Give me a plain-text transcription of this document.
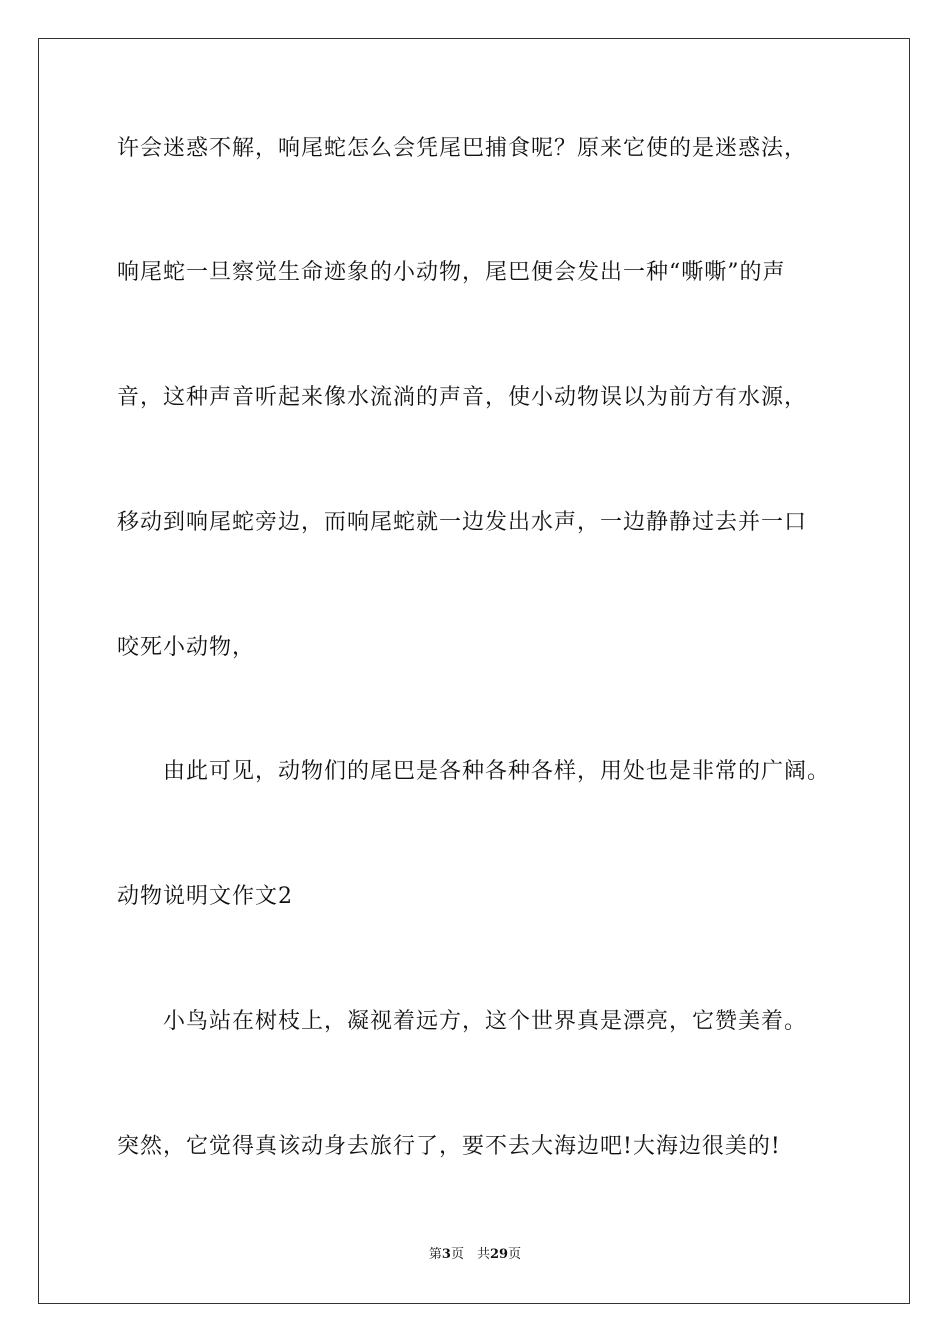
许会迷惑不解，响尾蛇怎么会凭尾巴捕食呢？原来它使的是迷惑法，
响尾蛇一旦察觉生命迹象的小动物，尾巴便会发出一种“嘶嘶”的声
音，这种声音听起来像水流淌的声音，使小动物误以为前方有水源，
移动到响尾蛇旁边，而响尾蛇就一边发出水声，一边静静过去并一口
咬死小动物，
由此可见，动物们的尾巴是各种各种各样，用处也是非常的广阔。
动物说明文作文2
小鸟站在树枝上，凝视着远方，这个世界真是漂亮，它赞美着。
突然，它觉得真该动身去旅行了，要不去大海边吧!大海边很美的!
第3页　共29页
